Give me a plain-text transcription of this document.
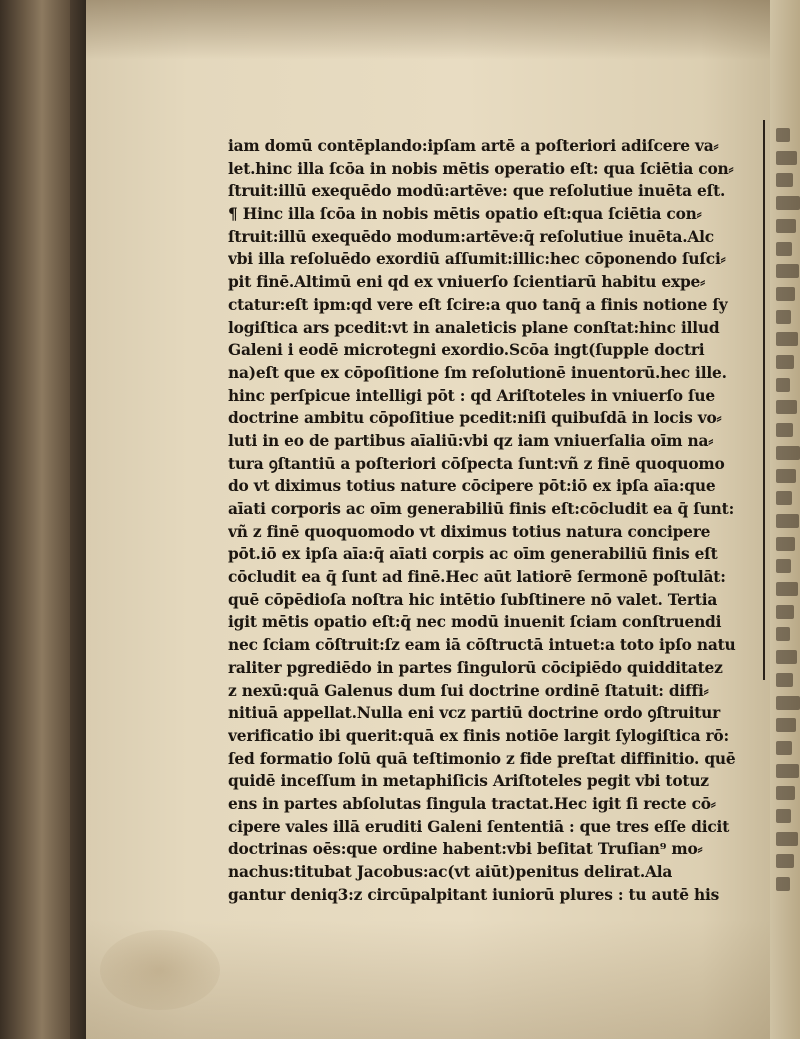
iam domū contēplando:ipſam artē a poſteriori adiſcere va⸗
let.hinc illa ſcōa in nobis mētis operatio eſt: qua ſciētia con⸗
ſtruit:illū exequēdo modū:artēve: que reſolutiue inuēta eſt.
¶ Hinc illa ſcōa in nobis mētis opatio eſt:qua ſciētia con⸗
ſtruit:illū exequēdo modum:artēve:q̄ reſolutiue inuēta.Alc
vbi illa reſoluēdo exordiū aſſumit:illic:hec cōponendo ſuſci⸗
pit finē.Altimū eni qd ex vniuerſo ſcientiarū habitu expe⸗
ctatur:eſt ipm:qd vere eſt ſcire:a quo tanq̄ a finis notione ſy
logiſtica ars pcedit:vt in analeticis plane conſtat:hinc illud
Galeni i eodē microtegni exordio.Scōa ingt(ſupple doctri
na)eſt que ex cōpoſitione ſm reſolutionē inuentorū.hec ille.
hinc perſpicue intelligi pōt : qd Ariſtoteles in vniuerſo ſue
doctrine ambitu cōpoſitiue pcedit:niſi quibuſdā in locis vo⸗
luti in eo de partibus aīaliū:vbi qz iam vniuerſalia oīm na⸗
tura ꝯſtantiū a poſteriori cōſpecta ſunt:vñ z finē quoquomo
do vt diximus totius nature cōcipere pōt:iō ex ipſa aīa:que
aīati corporis ac oīm generabiliū finis eſt:cōcludit ea q̄ ſunt:
vñ z finē quoquomodo vt diximus totius natura concipere
pōt.iō ex ipſa aīa:q̄ aīati corpis ac oīm generabiliū finis eſt
cōcludit ea q̄ ſunt ad finē.Hec aūt latiorē ſermonē poſtulāt:
quē cōpēdioſa noſtra hic intētio ſubſtinere nō valet. Tertia
igit mētis opatio eſt:q̄ nec modū inuenit ſciam conſtruendi
nec ſciam cōſtruit:ſz eam iā cōſtructā intuet:a toto ipſo natu
raliter pgrediēdo in partes ſingulorū cōcipiēdo quidditatez
z nexū:quā Galenus dum ſui doctrine ordinē ſtatuit: diffi⸗
nitiuā appellat.Nulla eni vcz partiū doctrine ordo ꝯſtruitur
verificatio ibi querit:quā ex finis notiōe largit ſylogiſtica rō:
ſed formatio ſolū quā teſtimonio z fide preſtat diffinitio. quē
quidē inceſſum in metaphiſicis Ariſtoteles pegit vbi totuz
ens in partes abſolutas ſingula tractat.Hec igit ſi recte cō⸗
cipere vales illā eruditi Galeni ſententiā : que tres eſſe dicit
doctrinas oēs:que ordine habent:vbi beſitat Truſian⁹ mo⸗
nachus:titubat Jacobus:ac(vt aiūt)penitus delirat.Ala
gantur deniq3:z circūpalpitant iuniorū plures : tu autē his
